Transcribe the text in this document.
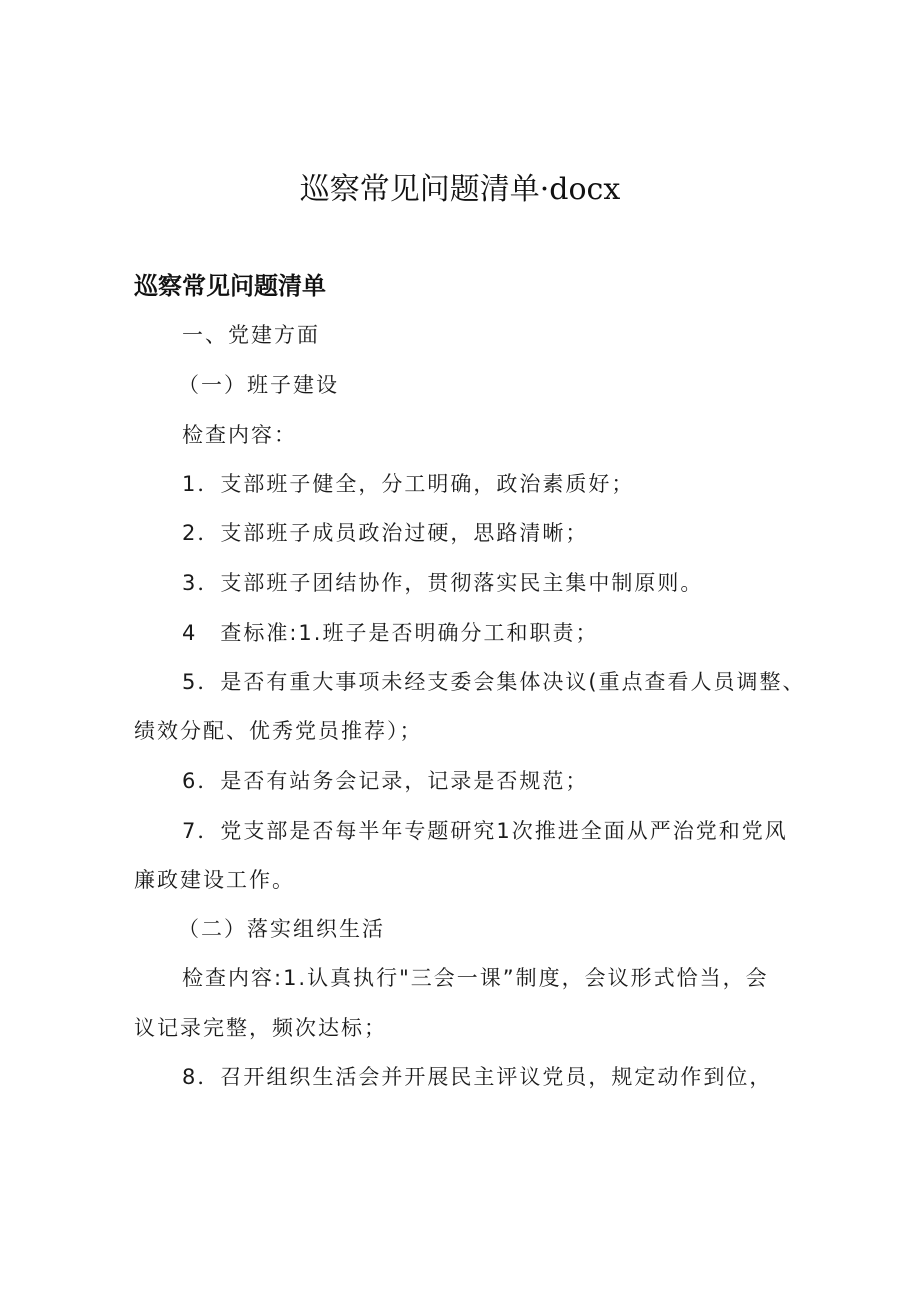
巡察常见问题清单·docx
巡察常见问题清单
一、党建方面
（一）班子建设
检查内容：
1．支部班子健全，分工明确，政治素质好；
2．支部班子成员政治过硬，思路清晰；
3．支部班子团结协作，贯彻落实民主集中制原则。
4　查标准:1.班子是否明确分工和职责；
5．是否有重大事项未经支委会集体决议(重点查看人员调整、
绩效分配、优秀党员推荐）；
6．是否有站务会记录，记录是否规范；
7．党支部是否每半年专题研究1次推进全面从严治党和党风
廉政建设工作。
（二）落实组织生活
检查内容:1.认真执行"三会一课”制度，会议形式恰当，会
议记录完整，频次达标；
8．召开组织生活会并开展民主评议党员，规定动作到位，
